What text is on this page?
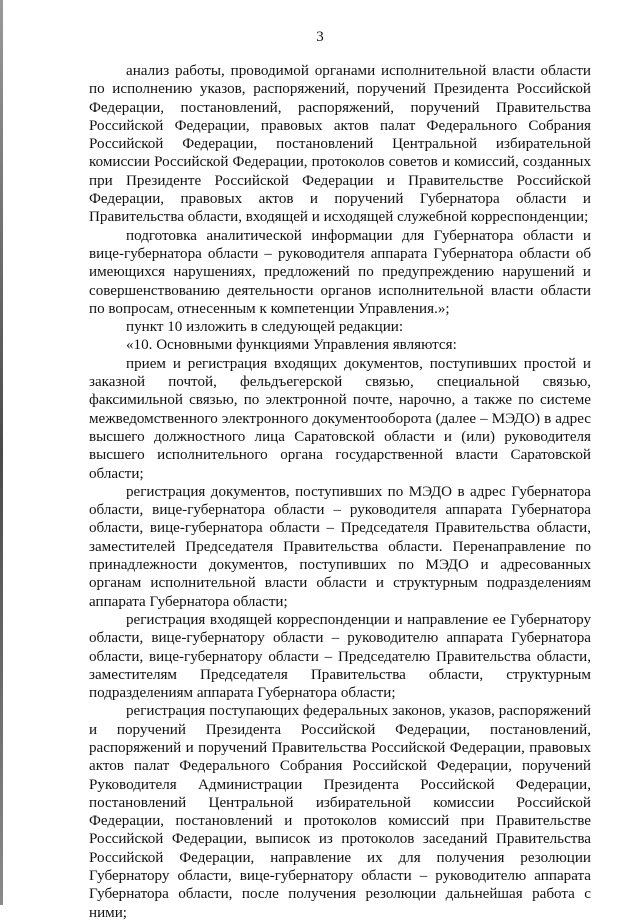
3

анализ работы, проводимой органами исполнительной власти области по исполнению указов, распоряжений, поручений Президента Российской Федерации, постановлений, распоряжений, поручений Правительства Российской Федерации, правовых актов палат Федерального Собрания Российской Федерации, постановлений Центральной избирательной комиссии Российской Федерации, протоколов советов и комиссий, созданных при Президенте Российской Федерации и Правительстве Российской Федерации, правовых актов и поручений Губернатора области и Правительства области, входящей и исходящей служебной корреспонденции;

подготовка аналитической информации для Губернатора области и вице-губернатора области – руководителя аппарата Губернатора области об имеющихся нарушениях, предложений по предупреждению нарушений и совершенствованию деятельности органов исполнительной власти области по вопросам, отнесенным к компетенции Управления.»;

пункт 10 изложить в следующей редакции:

«10. Основными функциями Управления являются:

прием и регистрация входящих документов, поступивших простой и заказной почтой, фельдъегерской связью, специальной связью, факсимильной связью, по электронной почте, нарочно, а также по системе межведомственного электронного документооборота (далее – МЭДО) в адрес высшего должностного лица Саратовской области и (или) руководителя высшего исполнительного органа государственной власти Саратовской области;

регистрация документов, поступивших по МЭДО в адрес Губернатора области, вице-губернатора области – руководителя аппарата Губернатора области, вице-губернатора области – Председателя Правительства области, заместителей Председателя Правительства области. Перенаправление по принадлежности документов, поступивших по МЭДО и адресованных органам исполнительной власти области и структурным подразделениям аппарата Губернатора области;

регистрация входящей корреспонденции и направление ее Губернатору области, вице-губернатору области – руководителю аппарата Губернатора области, вице-губернатору области – Председателю Правительства области, заместителям Председателя Правительства области, структурным подразделениям аппарата Губернатора области;

регистрация поступающих федеральных законов, указов, распоряжений и поручений Президента Российской Федерации, постановлений, распоряжений и поручений Правительства Российской Федерации, правовых актов палат Федерального Собрания Российской Федерации, поручений Руководителя Администрации Президента Российской Федерации, постановлений Центральной избирательной комиссии Российской Федерации, постановлений и протоколов комиссий при Правительстве Российской Федерации, выписок из протоколов заседаний Правительства Российской Федерации, направление их для получения резолюции Губернатору области, вице-губернатору области – руководителю аппарата Губернатора области, после получения резолюции дальнейшая работа с ними;
